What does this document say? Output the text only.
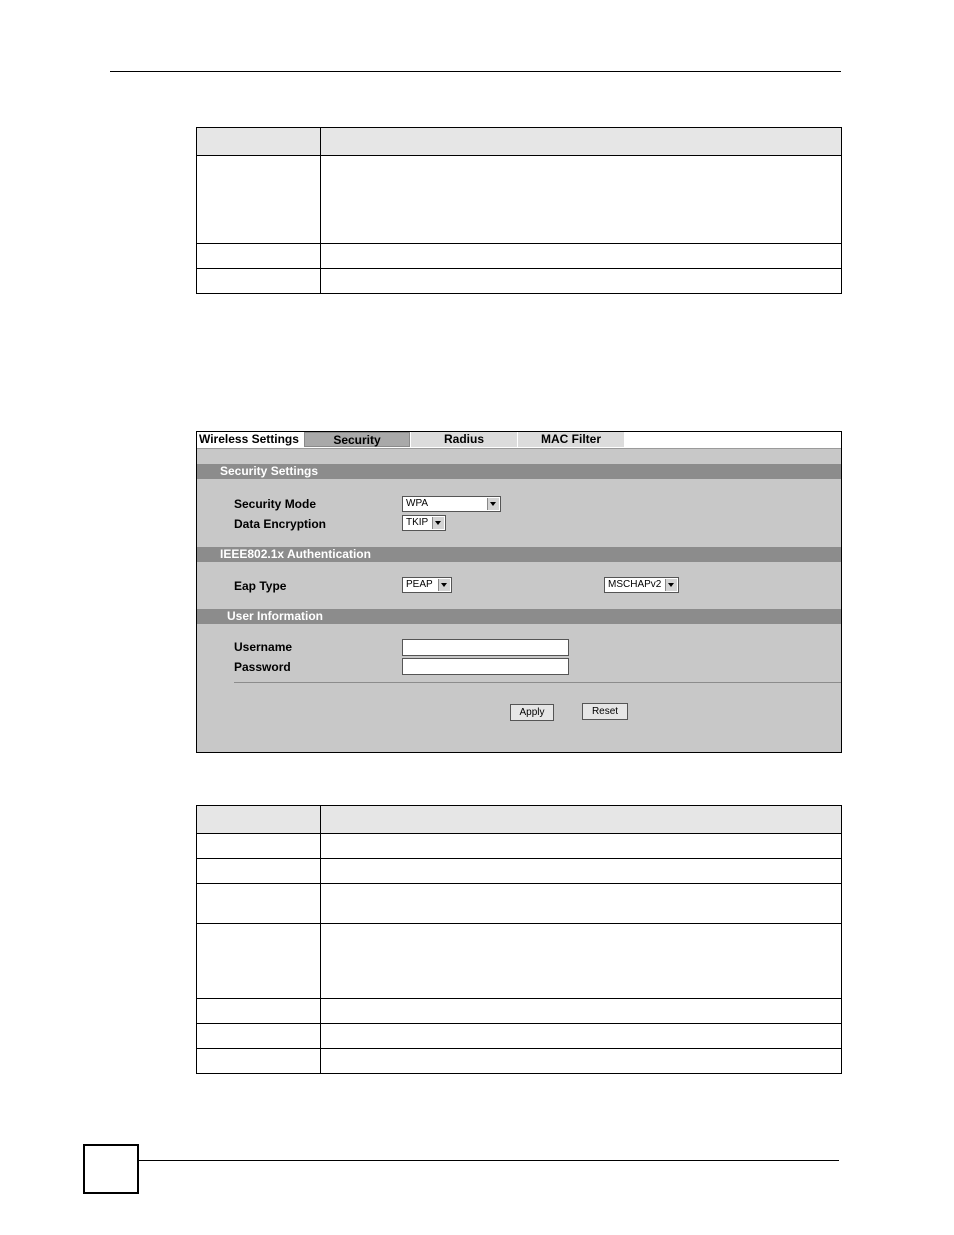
Wireless Settings	Security	Radius	MAC Filter
Security Settings
Security Mode	WPA
Data Encryption	TKIP
IEEE802.1x Authentication
Eap Type	PEAP	MSCHAPv2
User Information
Username
Password
Apply	Reset
